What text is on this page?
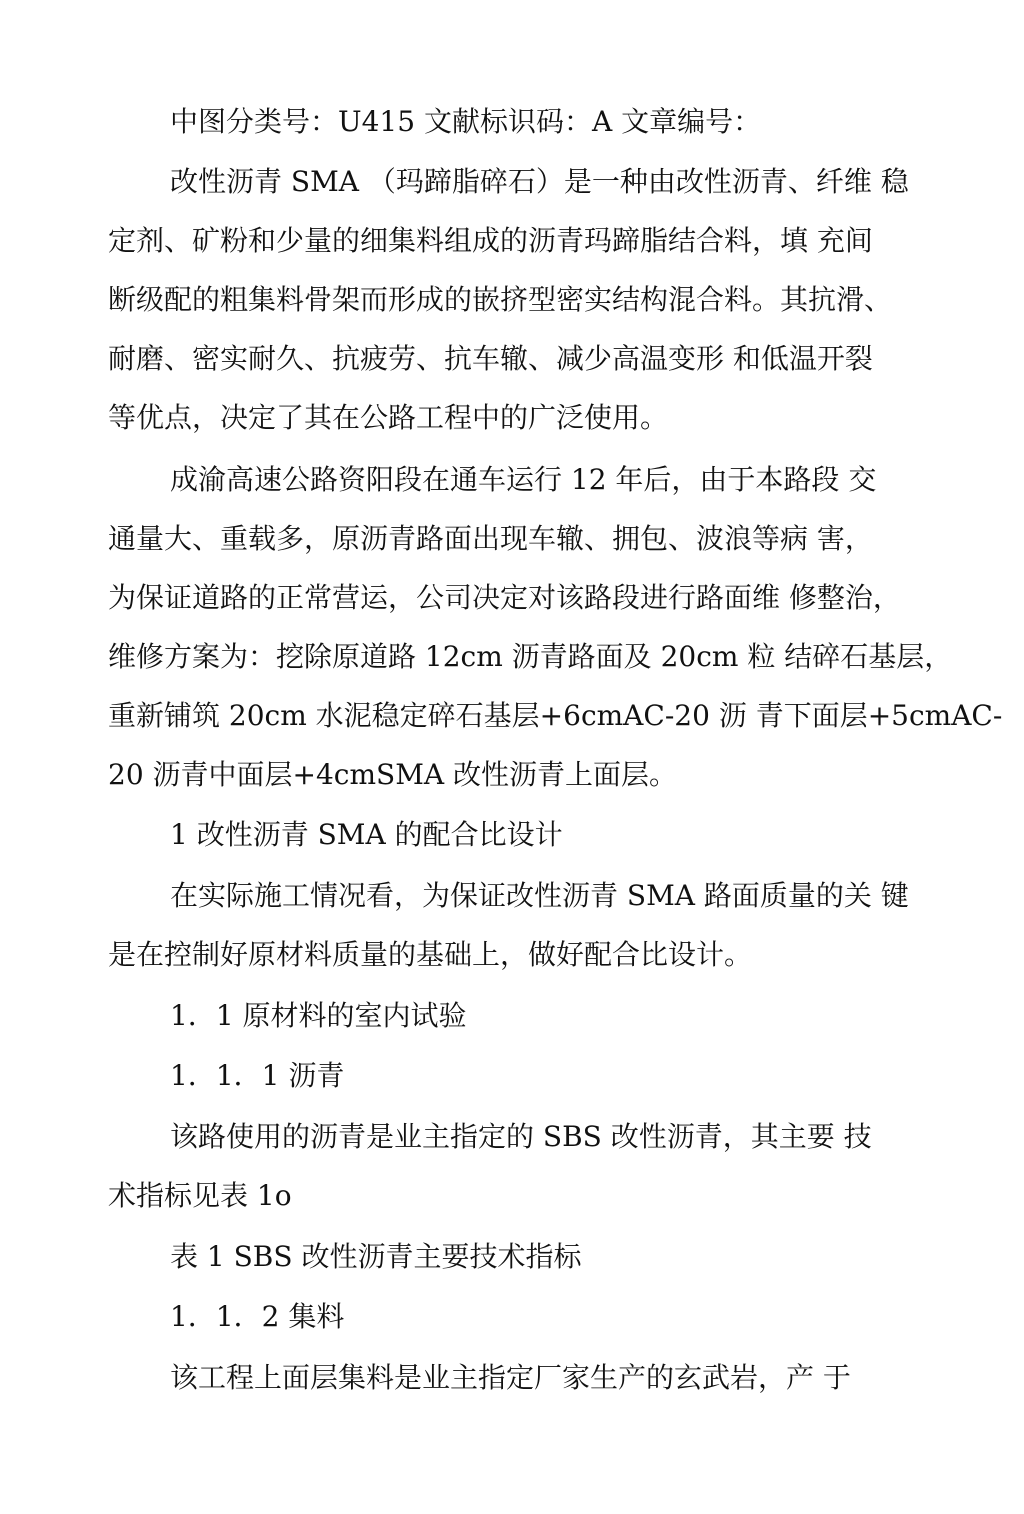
中图分类号：U415 文献标识码：A 文章编号：
改性沥青 SMA （玛蹄脂碎石）是一种由改性沥青、纤维 稳
定剂、矿粉和少量的细集料组成的沥青玛蹄脂结合料，填 充间
断级配的粗集料骨架而形成的嵌挤型密实结构混合料。其抗滑、
耐磨、密实耐久、抗疲劳、抗车辙、减少高温变形 和低温开裂
等优点，决定了其在公路工程中的广泛使用。
成渝高速公路资阳段在通车运行 12 年后，由于本路段 交
通量大、重载多，原沥青路面出现车辙、拥包、波浪等病 害，
为保证道路的正常营运，公司决定对该路段进行路面维 修整治，
维修方案为：挖除原道路 12cm 沥青路面及 20cm 粒 结碎石基层，
重新铺筑 20cm 水泥稳定碎石基层+6cmAC-20 沥 青下面层+5cmAC-
20 沥青中面层+4cmSMA 改性沥青上面层。
1 改性沥青 SMA 的配合比设计
在实际施工情况看，为保证改性沥青 SMA 路面质量的关 键
是在控制好原材料质量的基础上，做好配合比设计。
1．1 原材料的室内试验
1．1．1 沥青
该路使用的沥青是业主指定的 SBS 改性沥青，其主要 技
术指标见表 1o
表 1 SBS 改性沥青主要技术指标
1．1．2 集料
该工程上面层集料是业主指定厂家生产的玄武岩，产 于
